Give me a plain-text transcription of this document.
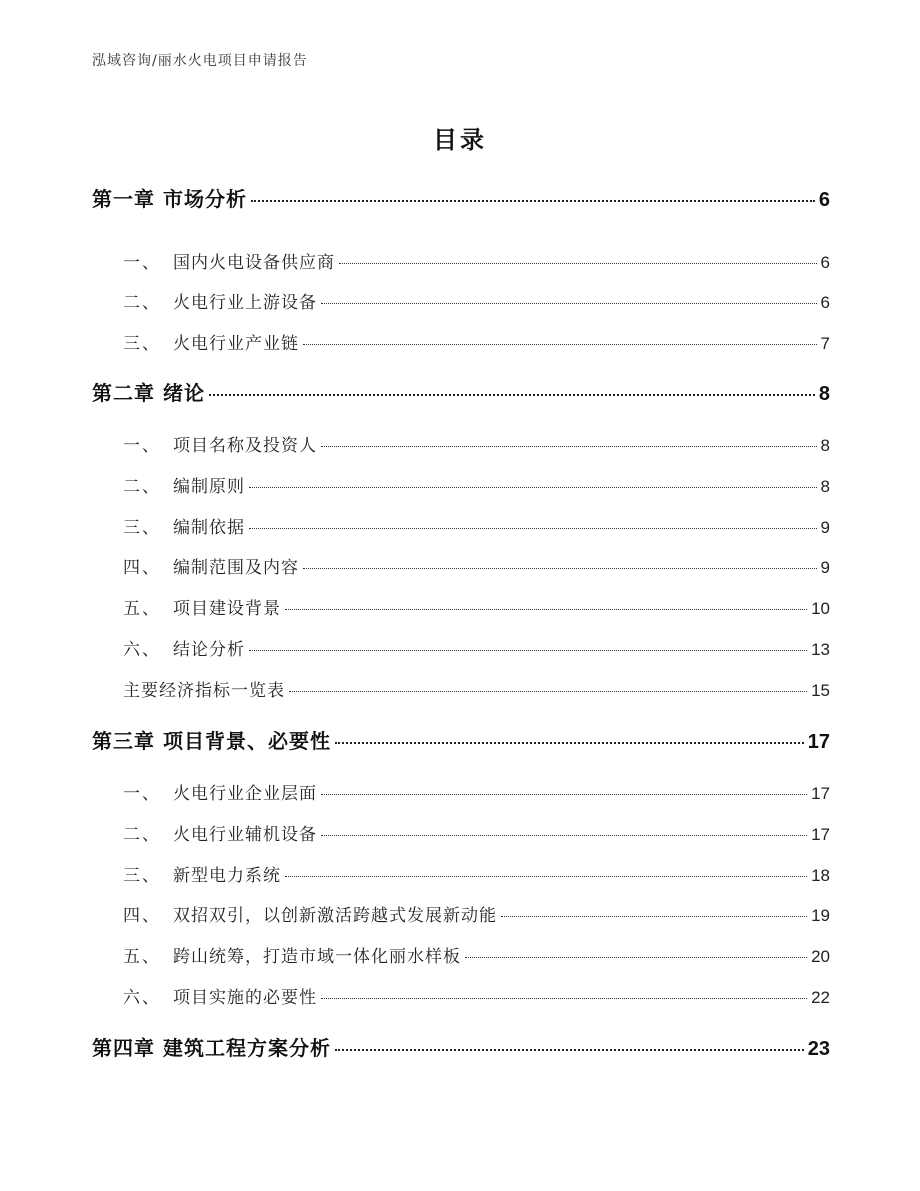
泓域咨询/丽水火电项目申请报告
目录
第一章 市场分析	6
一、 国内火电设备供应商	6
二、 火电行业上游设备	6
三、 火电行业产业链	7
第二章 绪论	8
一、 项目名称及投资人	8
二、 编制原则	8
三、 编制依据	9
四、 编制范围及内容	9
五、 项目建设背景	10
六、 结论分析	13
主要经济指标一览表	15
第三章 项目背景、必要性	17
一、 火电行业企业层面	17
二、 火电行业辅机设备	17
三、 新型电力系统	18
四、 双招双引，以创新激活跨越式发展新动能	19
五、 跨山统筹，打造市域一体化丽水样板	20
六、 项目实施的必要性	22
第四章 建筑工程方案分析	23
